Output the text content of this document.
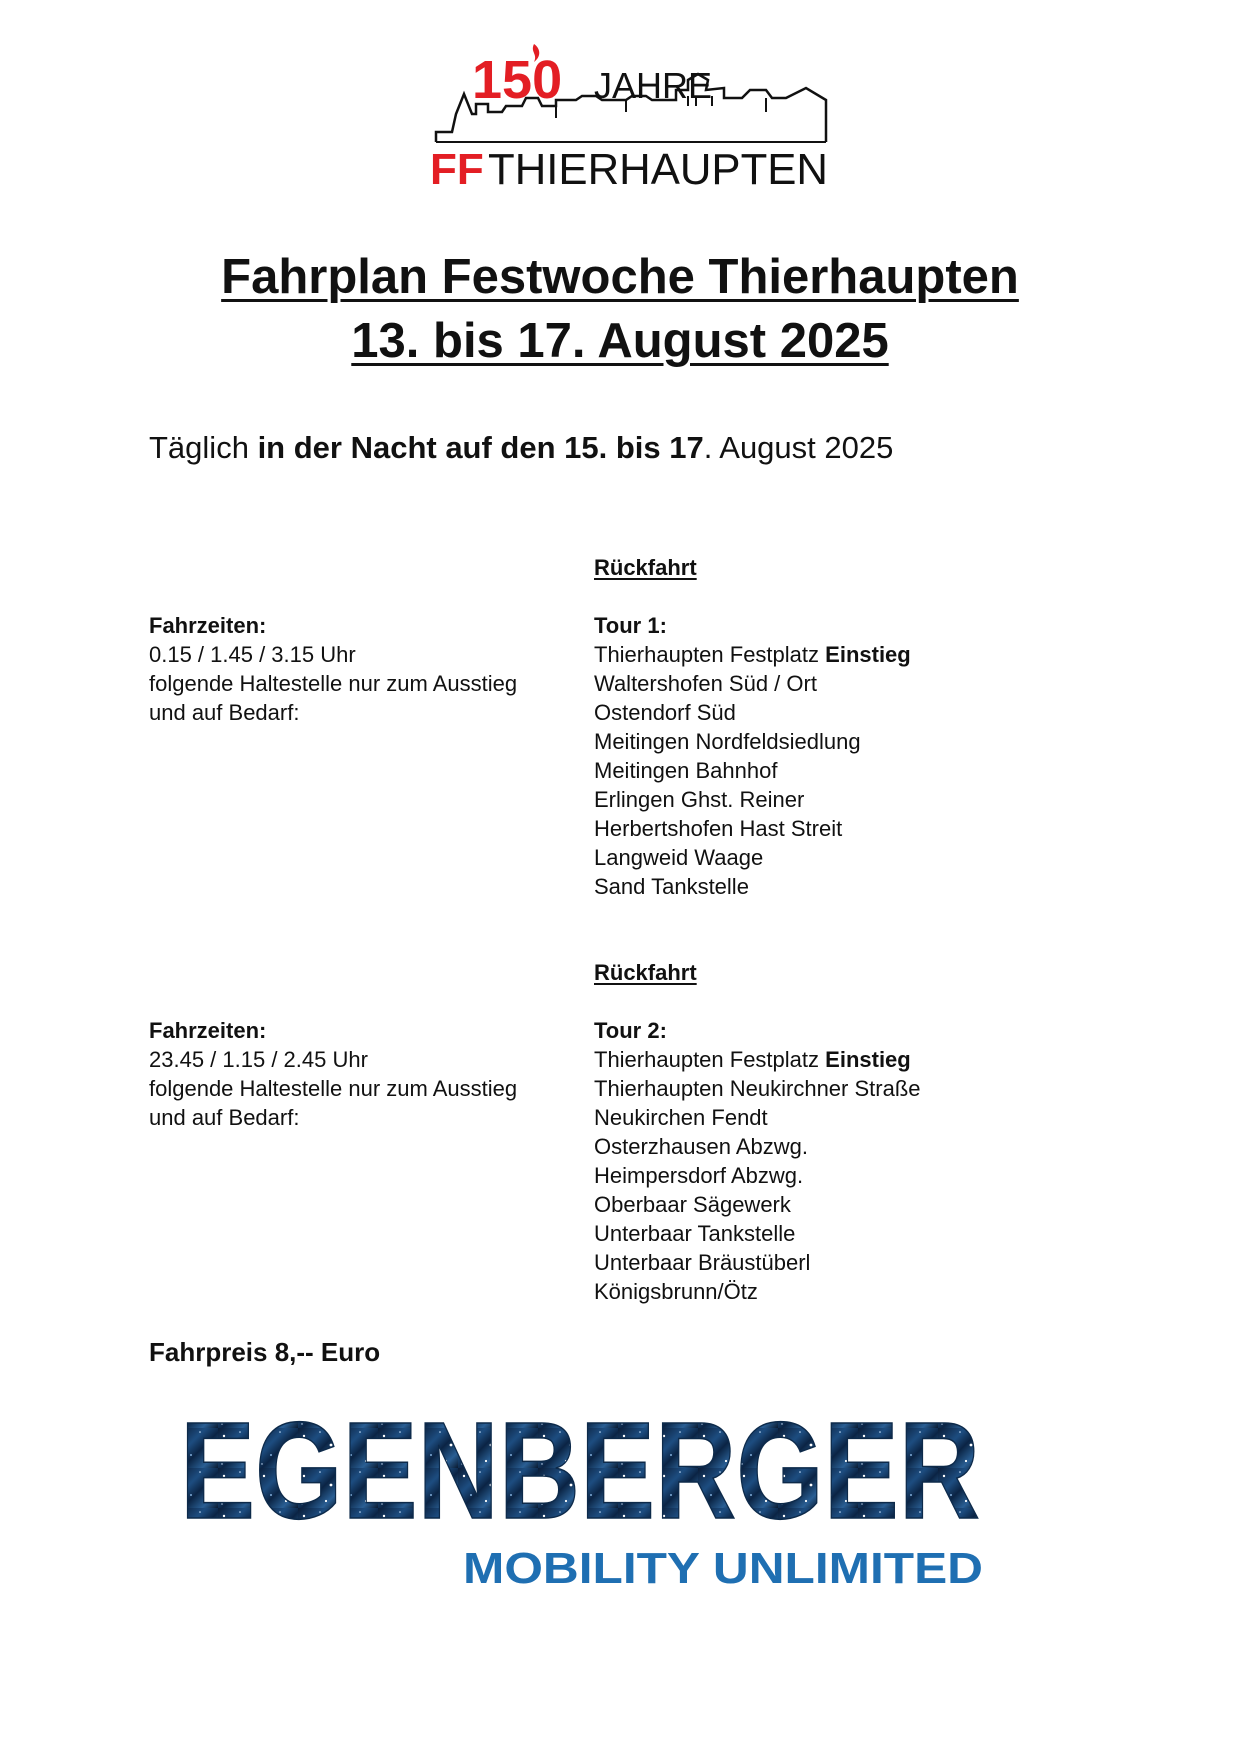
150 JAHRE
FF THIERHAUPTEN
Fahrplan Festwoche Thierhaupten
13. bis 17. August 2025
Täglich in der Nacht auf den 15. bis 17. August 2025
Rückfahrt
Fahrzeiten:
0.15 / 1.45 / 3.15 Uhr
folgende Haltestelle nur zum Ausstieg
und auf Bedarf:
Tour 1:
Thierhaupten Festplatz Einstieg
Waltershofen Süd / Ort
Ostendorf Süd
Meitingen Nordfeldsiedlung
Meitingen Bahnhof
Erlingen Ghst. Reiner
Herbertshofen Hast Streit
Langweid Waage
Sand Tankstelle
Rückfahrt
Fahrzeiten:
23.45 / 1.15 / 2.45 Uhr
folgende Haltestelle nur zum Ausstieg
und auf Bedarf:
Tour 2:
Thierhaupten Festplatz Einstieg
Thierhaupten Neukirchner Straße
Neukirchen Fendt
Osterzhausen Abzwg.
Heimpersdorf Abzwg.
Oberbaar Sägewerk
Unterbaar Tankstelle
Unterbaar Bräustüberl
Königsbrunn/Ötz
Fahrpreis 8,-- Euro
EGENBERGER
MOBILITY UNLIMITED
